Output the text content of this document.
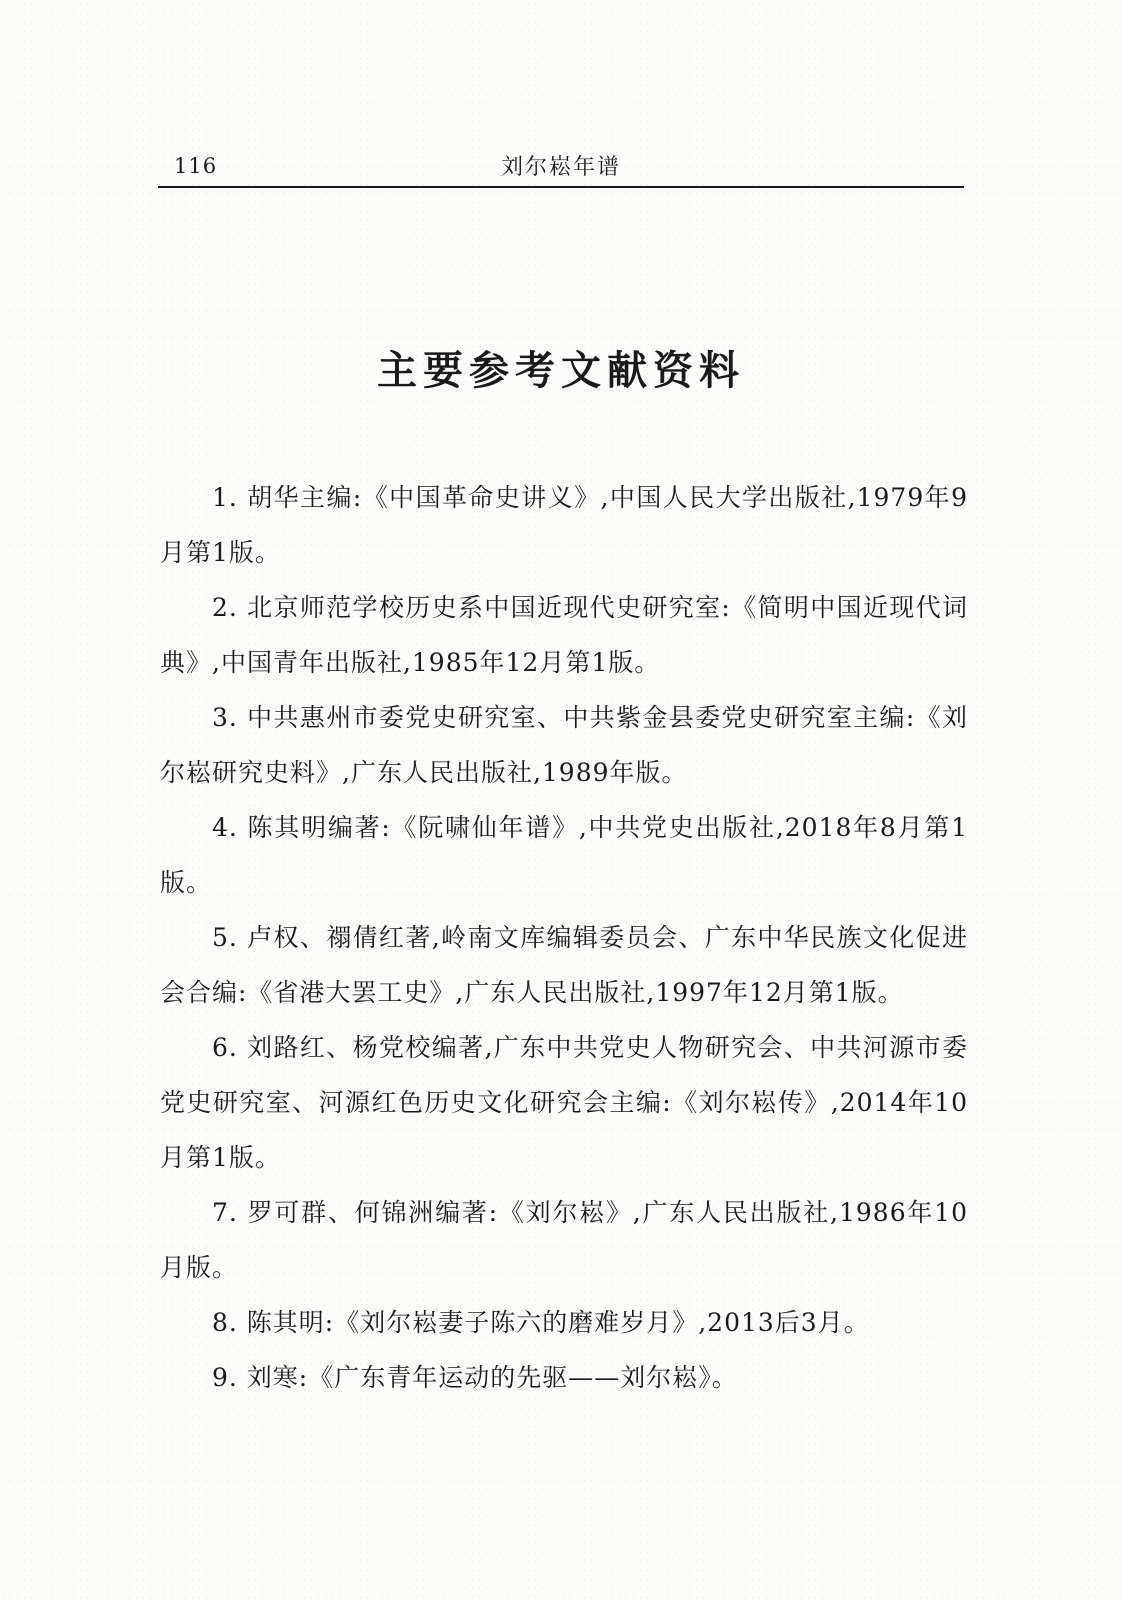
116	刘尔崧年谱
主要参考文献资料
1. 胡华主编:《中国革命史讲义》,中国人民大学出版社,1979年9月第1版。
2. 北京师范学校历史系中国近现代史研究室:《简明中国近现代词典》,中国青年出版社,1985年12月第1版。
3. 中共惠州市委党史研究室、中共紫金县委党史研究室主编:《刘尔崧研究史料》,广东人民出版社,1989年版。
4. 陈其明编著:《阮啸仙年谱》,中共党史出版社,2018年8月第1版。
5. 卢权、禤倩红著,岭南文库编辑委员会、广东中华民族文化促进会合编:《省港大罢工史》,广东人民出版社,1997年12月第1版。
6. 刘路红、杨党校编著,广东中共党史人物研究会、中共河源市委党史研究室、河源红色历史文化研究会主编:《刘尔崧传》,2014年10月第1版。
7. 罗可群、何锦洲编著:《刘尔崧》,广东人民出版社,1986年10月版。
8. 陈其明:《刘尔崧妻子陈六的磨难岁月》,2013后3月。
9. 刘寒:《广东青年运动的先驱——刘尔崧》。
